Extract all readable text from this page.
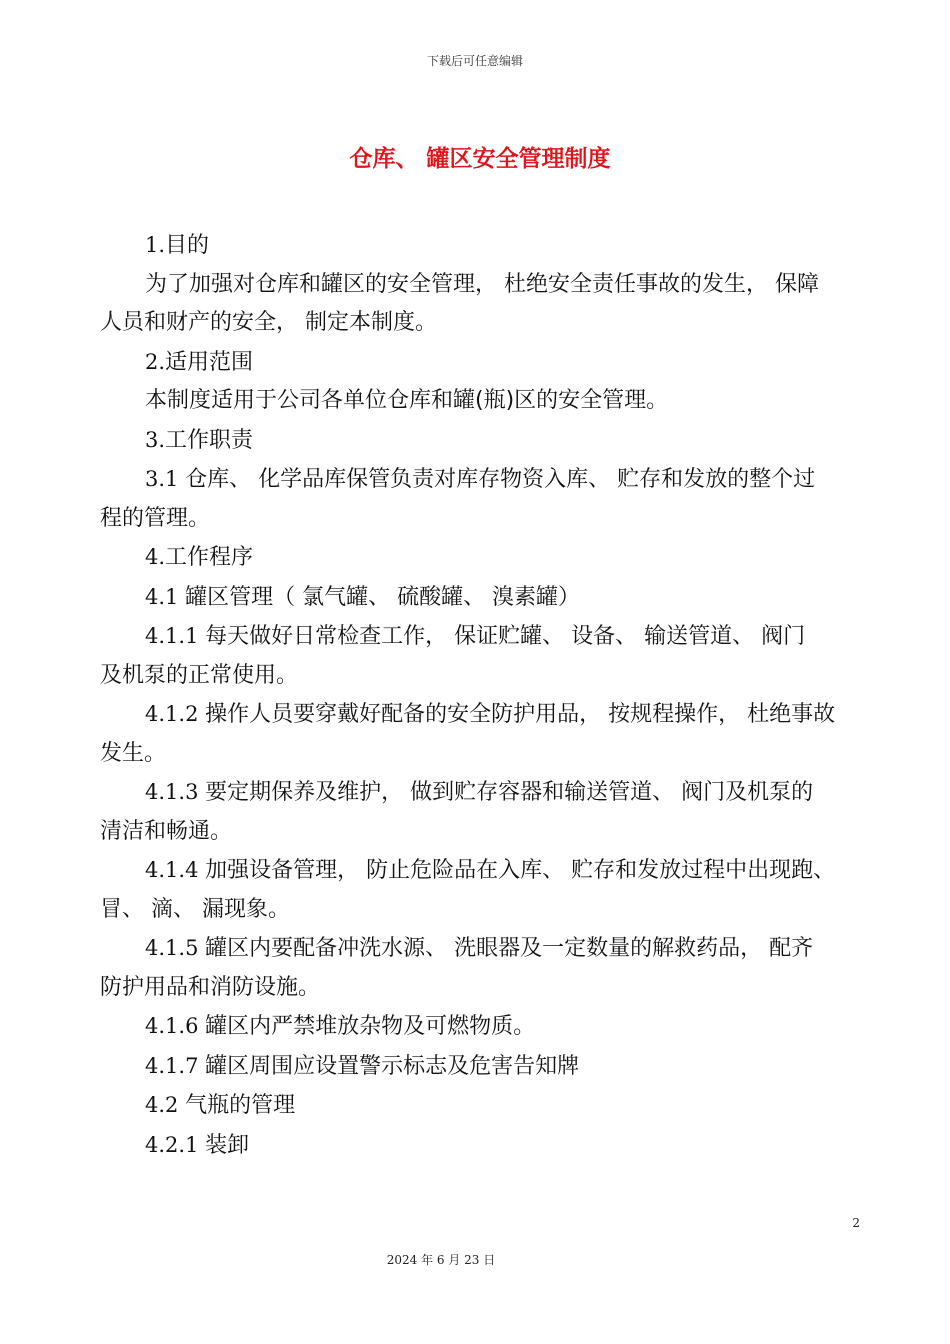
下载后可任意编辑
仓库、 罐区安全管理制度

1.目的

为了加强对仓库和罐区的安全管理， 杜绝安全责任事故的发生， 保障

人员和财产的安全， 制定本制度。

2.适用范围

本制度适用于公司各单位仓库和罐(瓶)区的安全管理。

3.工作职责

3.1 仓库、 化学品库保管负责对库存物资入库、 贮存和发放的整个过

程的管理。

4.工作程序

4.1 罐区管理（ 氯气罐、 硫酸罐、 溴素罐）

4.1.1 每天做好日常检查工作， 保证贮罐、 设备、 输送管道、 阀门

及机泵的正常使用。

4.1.2 操作人员要穿戴好配备的安全防护用品， 按规程操作， 杜绝事故

发生。

4.1.3 要定期保养及维护， 做到贮存容器和输送管道、 阀门及机泵的

清洁和畅通。

4.1.4 加强设备管理， 防止危险品在入库、 贮存和发放过程中出现跑、

冒、 滴、 漏现象。

4.1.5 罐区内要配备冲洗水源、 洗眼器及一定数量的解救药品， 配齐

防护用品和消防设施。

4.1.6 罐区内严禁堆放杂物及可燃物质。

4.1.7 罐区周围应设置警示标志及危害告知牌

4.2 气瓶的管理

4.2.1 装卸

2
2024 年 6 月 23 日
